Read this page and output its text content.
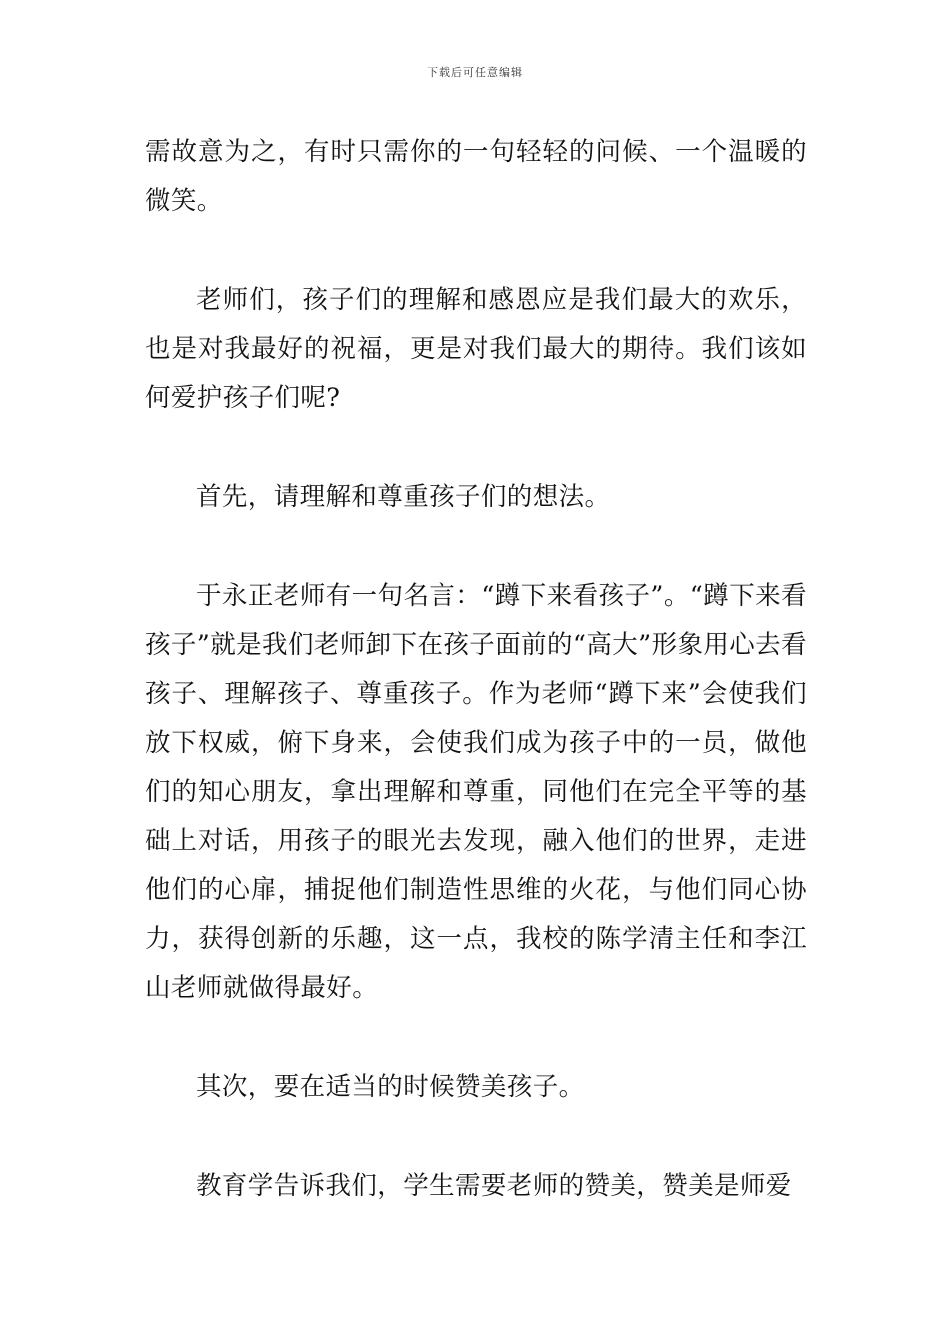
下载后可任意编辑

需故意为之，有时只需你的一句轻轻的问候、一个温暖的微笑。

老师们，孩子们的理解和感恩应是我们最大的欢乐，也是对我最好的祝福，更是对我们最大的期待。我们该如何爱护孩子们呢?

首先，请理解和尊重孩子们的想法。

于永正老师有一句名言：“蹲下来看孩子”。“蹲下来看孩子”就是我们老师卸下在孩子面前的“高大”形象用心去看孩子、理解孩子、尊重孩子。作为老师“蹲下来”会使我们放下权威，俯下身来，会使我们成为孩子中的一员，做他们的知心朋友，拿出理解和尊重，同他们在完全平等的基础上对话，用孩子的眼光去发现，融入他们的世界，走进他们的心扉，捕捉他们制造性思维的火花，与他们同心协力，获得创新的乐趣，这一点，我校的陈学清主任和李江山老师就做得最好。

其次，要在适当的时候赞美孩子。

教育学告诉我们，学生需要老师的赞美，赞美是师爱
